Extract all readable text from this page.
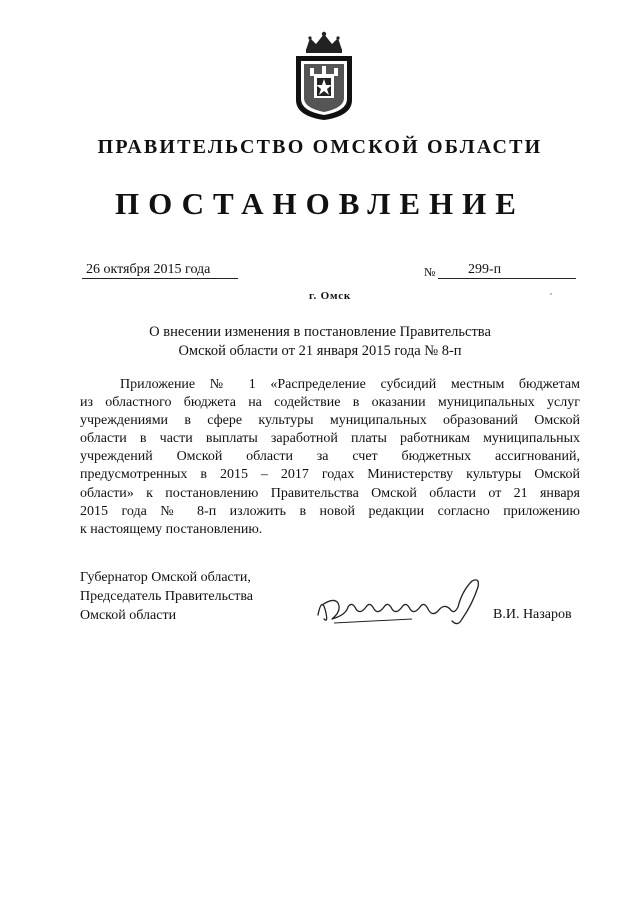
ПРАВИТЕЛЬСТВО ОМСКОЙ ОБЛАСТИ
ПОСТАНОВЛЕНИЕ
26 октября 2015 года	№	299-п
г. Омск
О внесении изменения в постановление Правительства
Омской области от 21 января 2015 года № 8-п
Приложение № 1 «Распределение субсидий местным бюджетам
из областного бюджета на содействие в оказании муниципальных услуг
учреждениями в сфере культуры муниципальных образований Омской
области в части выплаты заработной платы работникам муниципальных
учреждений Омской области за счет бюджетных ассигнований,
предусмотренных в 2015 – 2017 годах Министерству культуры Омской
области» к постановлению Правительства Омской области от 21 января
2015 года № 8-п изложить в новой редакции согласно приложению
к настоящему постановлению.
Губернатор Омской области,
Председатель Правительства
Омской области	В.И. Назаров
